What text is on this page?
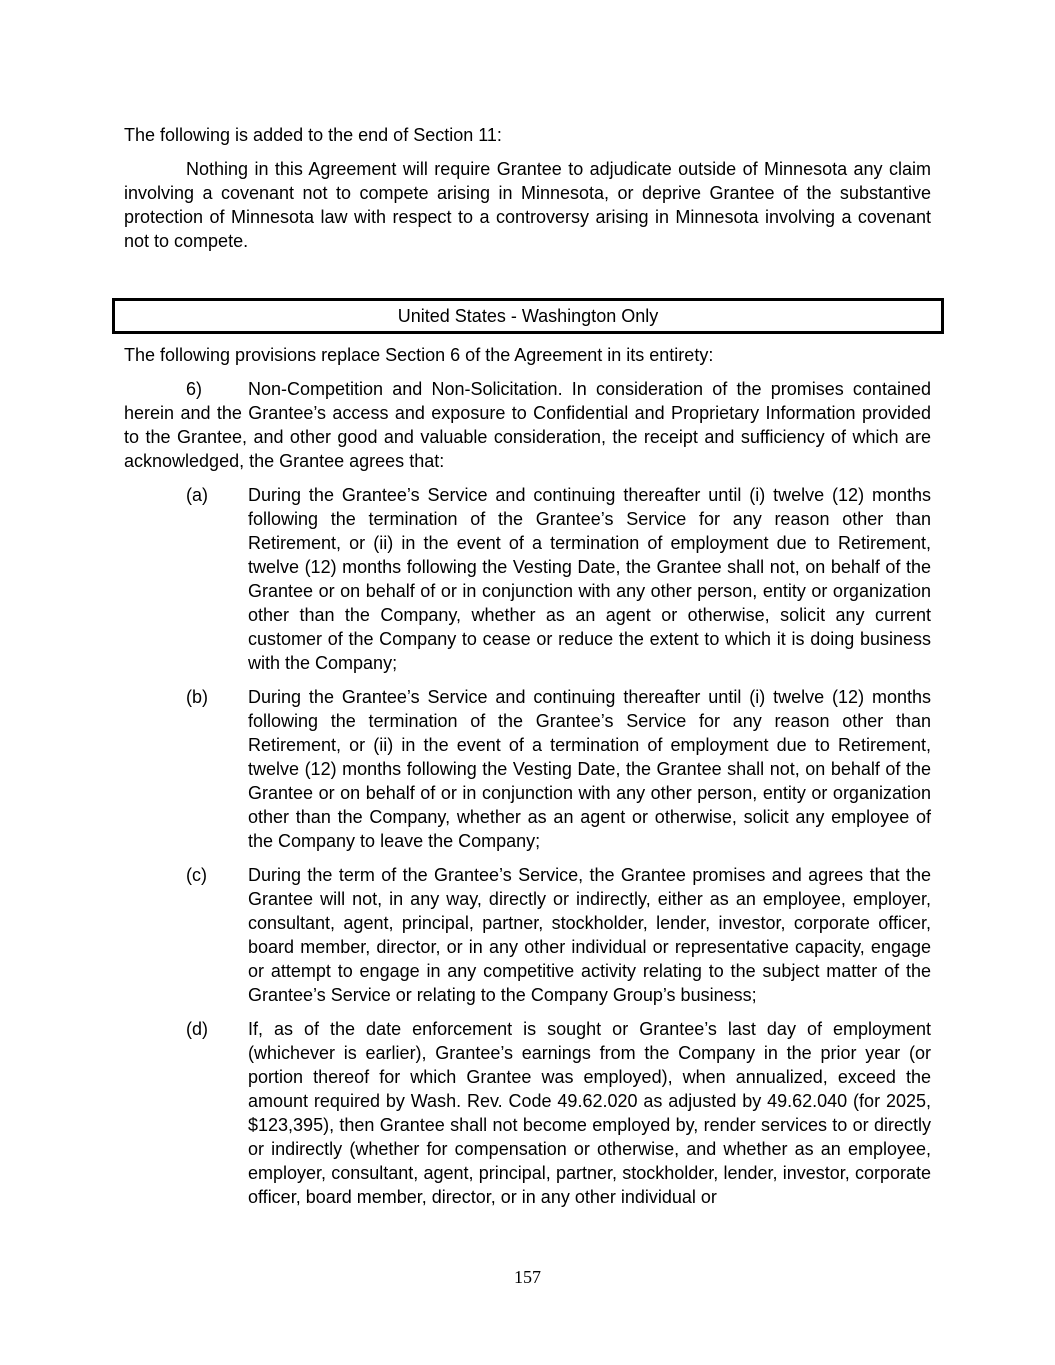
The following is added to the end of Section 11:

Nothing in this Agreement will require Grantee to adjudicate outside of Minnesota any claim involving a covenant not to compete arising in Minnesota, or deprive Grantee of the substantive protection of Minnesota law with respect to a controversy arising in Minnesota involving a covenant not to compete.

United States - Washington Only

The following provisions replace Section 6 of the Agreement in its entirety:

6)	Non-Competition and Non-Solicitation. In consideration of the promises contained herein and the Grantee’s access and exposure to Confidential and Proprietary Information provided to the Grantee, and other good and valuable consideration, the receipt and sufficiency of which are acknowledged, the Grantee agrees that:

(a) During the Grantee’s Service and continuing thereafter until (i) twelve (12) months following the termination of the Grantee’s Service for any reason other than Retirement, or (ii) in the event of a termination of employment due to Retirement, twelve (12) months following the Vesting Date, the Grantee shall not, on behalf of the Grantee or on behalf of or in conjunction with any other person, entity or organization other than the Company, whether as an agent or otherwise, solicit any current customer of the Company to cease or reduce the extent to which it is doing business with the Company;

(b) During the Grantee’s Service and continuing thereafter until (i) twelve (12) months following the termination of the Grantee’s Service for any reason other than Retirement, or (ii) in the event of a termination of employment due to Retirement, twelve (12) months following the Vesting Date, the Grantee shall not, on behalf of the Grantee or on behalf of or in conjunction with any other person, entity or organization other than the Company, whether as an agent or otherwise, solicit any employee of the Company to leave the Company;

(c) During the term of the Grantee’s Service, the Grantee promises and agrees that the Grantee will not, in any way, directly or indirectly, either as an employee, employer, consultant, agent, principal, partner, stockholder, lender, investor, corporate officer, board member, director, or in any other individual or representative capacity, engage or attempt to engage in any competitive activity relating to the subject matter of the Grantee’s Service or relating to the Company Group’s business;

(d) If, as of the date enforcement is sought or Grantee’s last day of employment (whichever is earlier), Grantee’s earnings from the Company in the prior year (or portion thereof for which Grantee was employed), when annualized, exceed the amount required by Wash. Rev. Code 49.62.020 as adjusted by 49.62.040 (for 2025, $123,395), then Grantee shall not become employed by, render services to or directly or indirectly (whether for compensation or otherwise, and whether as an employee, employer, consultant, agent, principal, partner, stockholder, lender, investor, corporate officer, board member, director, or in any other individual or

157
